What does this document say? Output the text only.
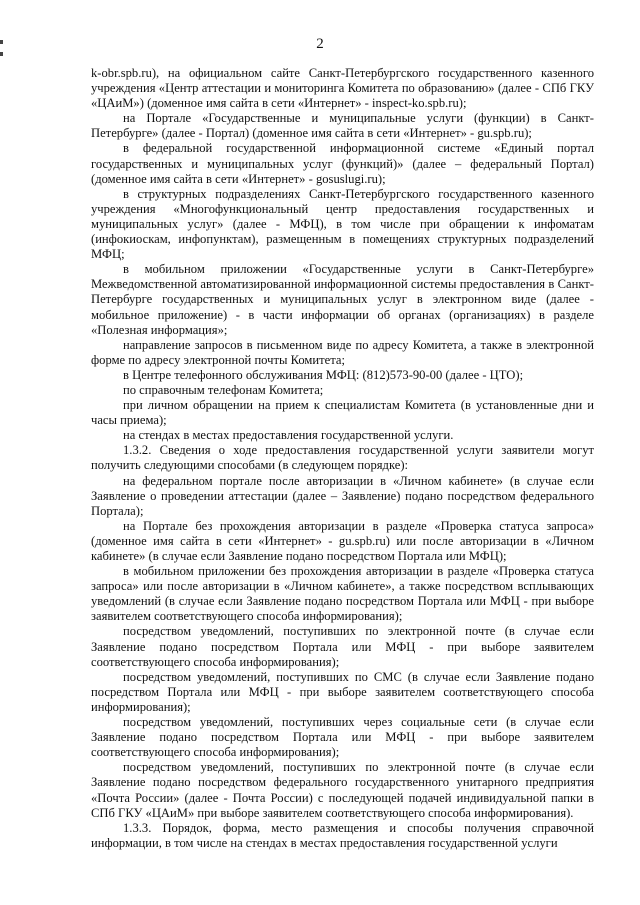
2

k-obr.spb.ru), на официальном сайте Санкт-Петербургского государственного казенного учреждения «Центр аттестации и мониторинга Комитета по образованию» (далее - СПб ГКУ «ЦАиМ») (доменное имя сайта в сети «Интернет» - inspect-ko.spb.ru);

на Портале «Государственные и муниципальные услуги (функции) в Санкт-Петербурге» (далее - Портал) (доменное имя сайта в сети «Интернет» - gu.spb.ru);

в федеральной государственной информационной системе «Единый портал государственных и муниципальных услуг (функций)» (далее – федеральный Портал) (доменное имя сайта в сети «Интернет» - gosuslugi.ru);

в структурных подразделениях Санкт-Петербургского государственного казенного учреждения «Многофункциональный центр предоставления государственных и муниципальных услуг» (далее - МФЦ), в том числе при обращении к инфоматам (инфокиоскам, инфопунктам), размещенным в помещениях структурных подразделений МФЦ;

в мобильном приложении «Государственные услуги в Санкт-Петербурге» Межведомственной автоматизированной информационной системы предоставления в Санкт-Петербурге государственных и муниципальных услуг в электронном виде (далее - мобильное приложение) - в части информации об органах (организациях) в разделе «Полезная информация»;

направление запросов в письменном виде по адресу Комитета, а также в электронной форме по адресу электронной почты Комитета;

в Центре телефонного обслуживания МФЦ: (812)573-90-00 (далее - ЦТО);

по справочным телефонам Комитета;

при личном обращении на прием к специалистам Комитета (в установленные дни и часы приема);

на стендах в местах предоставления государственной услуги.

1.3.2. Сведения о ходе предоставления государственной услуги заявители могут получить следующими способами (в следующем порядке):

на федеральном портале после авторизации в «Личном кабинете» (в случае если Заявление о проведении аттестации (далее – Заявление) подано посредством федерального Портала);

на Портале без прохождения авторизации в разделе «Проверка статуса запроса» (доменное имя сайта в сети «Интернет» - gu.spb.ru) или после авторизации в «Личном кабинете» (в случае если Заявление подано посредством Портала или МФЦ);

в мобильном приложении без прохождения авторизации в разделе «Проверка статуса запроса» или после авторизации в «Личном кабинете», а также посредством всплывающих уведомлений (в случае если Заявление подано посредством Портала или МФЦ - при выборе заявителем соответствующего способа информирования);

посредством уведомлений, поступивших по электронной почте (в случае если Заявление подано посредством Портала или МФЦ - при выборе заявителем соответствующего способа информирования);

посредством уведомлений, поступивших по СМС (в случае если Заявление подано посредством Портала или МФЦ - при выборе заявителем соответствующего способа информирования);

посредством уведомлений, поступивших через социальные сети (в случае если Заявление подано посредством Портала или МФЦ - при выборе заявителем соответствующего способа информирования);

посредством уведомлений, поступивших по электронной почте (в случае если Заявление подано посредством федерального государственного унитарного предприятия «Почта России» (далее - Почта России) с последующей подачей индивидуальной папки в СПб ГКУ «ЦАиМ» при выборе заявителем соответствующего способа информирования).

1.3.3. Порядок, форма, место размещения и способы получения справочной информации, в том числе на стендах в местах предоставления государственной услуги
